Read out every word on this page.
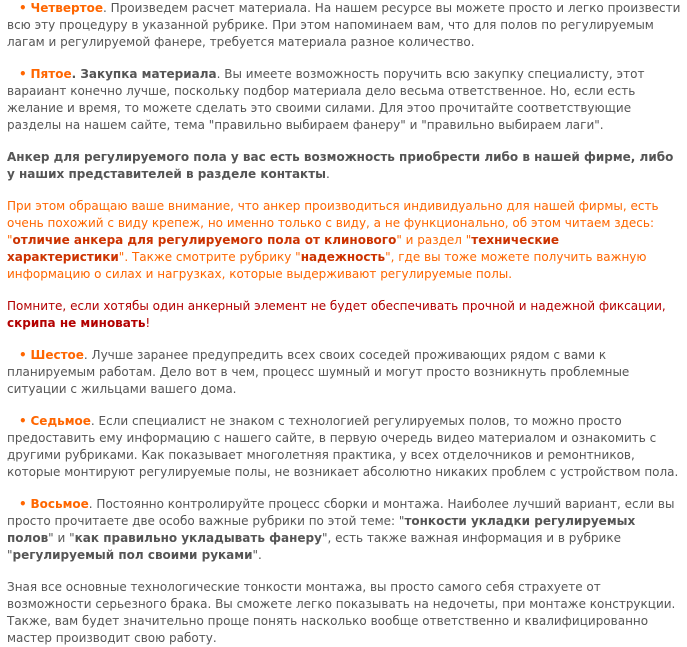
• Четвертое. Произведем расчет материала. На нашем ресурсе вы можете просто и легко произвести всю эту процедуру в указанной рубрике. При этом напоминаем вам, что для полов по регулируемым лагам и регулируемой фанере, требуется материала разное количество.

• Пятое. Закупка материала. Вы имеете возможность поручить всю закупку специалисту, этот вараиант конечно лучше, поскольку подбор материала дело весьма ответственное. Но, если есть желание и время, то можете сделать это своими силами. Для этоо прочитайте соответствующие разделы на нашем сайте, тема "правильно выбираем фанеру" и "правильно выбираем лаги".

Анкер для регулируемого пола у вас есть возможность приобрести либо в нашей фирме, либо у наших представителей в разделе контакты.

При этом обращаю ваше внимание, что анкер производиться индивидуально для нашей фирмы, есть очень похожий с виду крепеж, но именно только с виду, а не функционально, об этом читаем здесь: "отличие анкера для регулируемого пола от клинового" и раздел "технические характеристики". Также смотрите рубрику "надежность", где вы тоже можете получить важную информацию о силах и нагрузках, которые выдерживают регулируемые полы.

Помните, если хотябы один анкерный элемент не будет обеспечивать прочной и надежной фиксации, скрипа не миновать!

• Шестое. Лучше заранее предупредить всех своих соседей проживающих рядом с вами к планируемым работам. Дело вот в чем, процесс шумный и могут просто возникнуть проблемные ситуации с жильцами вашего дома.

• Седьмое. Если специалист не знаком с технологией регулируемых полов, то можно просто предоставить ему информацию с нашего сайте, в первую очередь видео материалом и ознакомить с другими рубриками. Как показывает многолетняя практика, у всех отделочников и ремонтников, которые монтируют регулируемые полы, не возникает абсолютно никаких проблем с устройством пола.

• Восьмое. Постоянно контролируйте процесс сборки и монтажа. Наиболее лучший вариант, если вы просто прочитаете две особо важные рубрики по этой теме: "тонкости укладки регулируемых полов" и "как правильно укладывать фанеру", есть также важная информация и в рубрике "регулируемый пол своими руками".

Зная все основные технологические тонкости монтажа, вы просто самого себя страхуете от возможности серьезного брака. Вы сможете легко показывать на недочеты, при монтаже конструкции. Также, вам будет значительно проще понять насколько вообще ответственно и квалифицированно мастер производит свою работу.
